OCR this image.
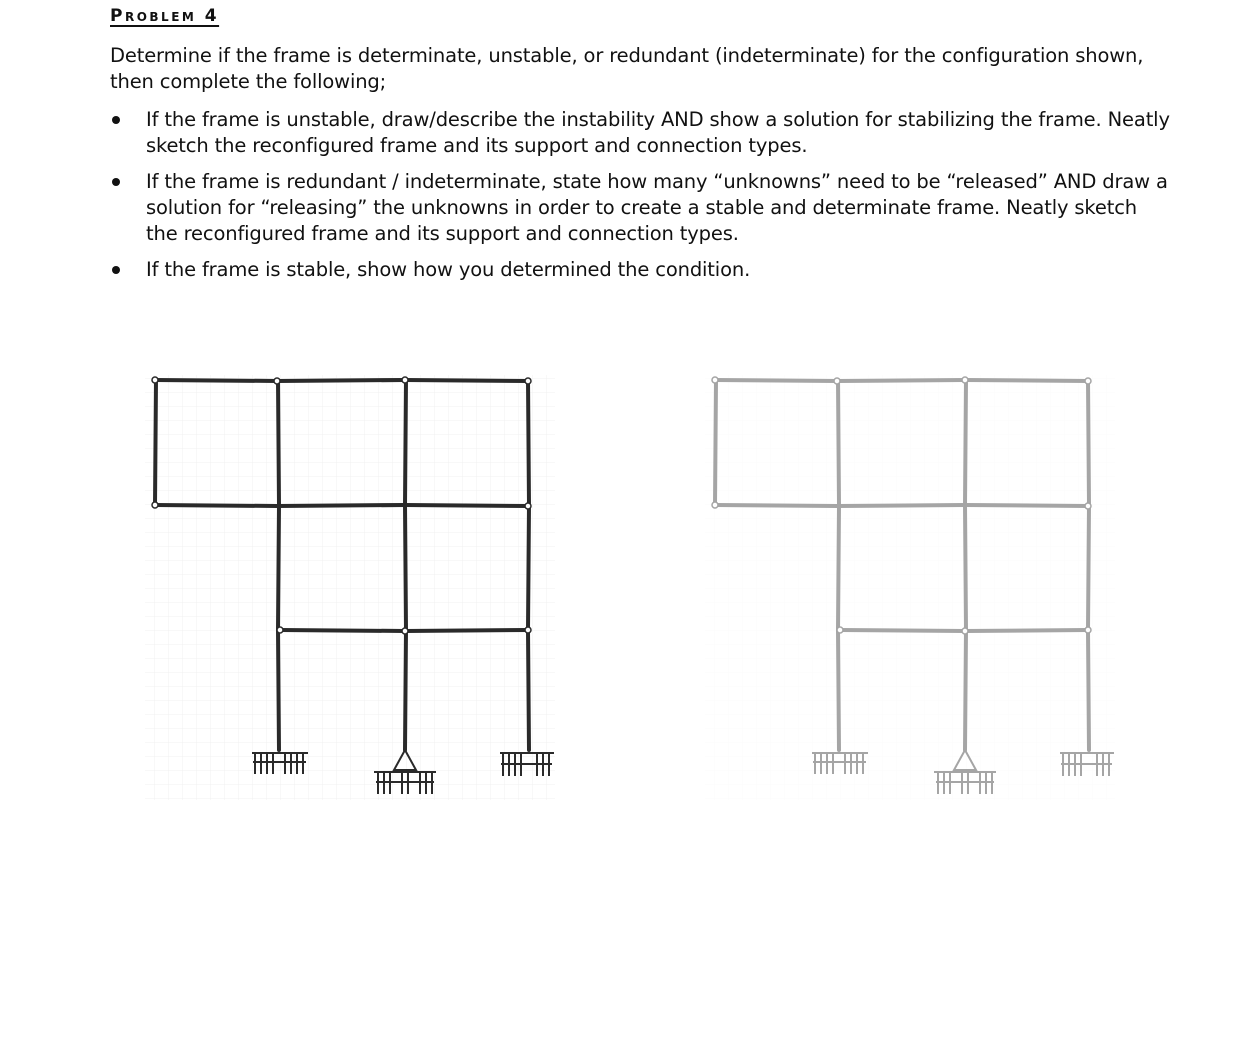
Problem 4
Determine if the frame is determinate, unstable, or redundant (indeterminate) for the configuration shown, then complete the following;
If the frame is unstable, draw/describe the instability AND show a solution for stabilizing the frame. Neatly sketch the reconfigured frame and its support and connection types.
If the frame is redundant / indeterminate, state how many “unknowns” need to be “released” AND draw a solution for “releasing” the unknowns in order to create a stable and determinate frame. Neatly sketch the reconfigured frame and its support and connection types.
If the frame is stable, show how you determined the condition.
